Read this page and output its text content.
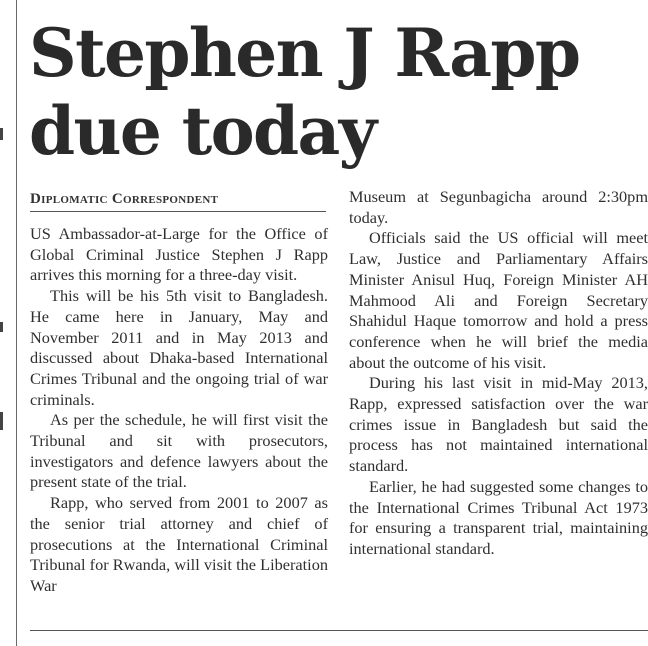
Stephen J Rapp
due today
Diplomatic Correspondent

US Ambassador-at-Large for the Office of Global Criminal Justice Stephen J Rapp arrives this morning for a three-day visit.

This will be his 5th visit to Bangladesh. He came here in January, May and November 2011 and in May 2013 and discussed about Dhaka-based International Crimes Tribunal and the ongoing trial of war criminals.

As per the schedule, he will first visit the Tribunal and sit with prosecutors, investigators and defence lawyers about the present state of the trial.

Rapp, who served from 2001 to 2007 as the senior trial attorney and chief of prosecutions at the International Criminal Tribunal for Rwanda, will visit the Liberation War

Museum at Segunbagicha around 2:30pm today.

Officials said the US official will meet Law, Justice and Parliamentary Affairs Minister Anisul Huq, Foreign Minister AH Mahmood Ali and Foreign Secretary Shahidul Haque tomorrow and hold a press conference when he will brief the media about the outcome of his visit.

During his last visit in mid-May 2013, Rapp, expressed satisfaction over the war crimes issue in Bangladesh but said the process has not maintained international standard.

Earlier, he had suggested some changes to the International Crimes Tribunal Act 1973 for ensuring a transparent trial, maintaining international standard.
